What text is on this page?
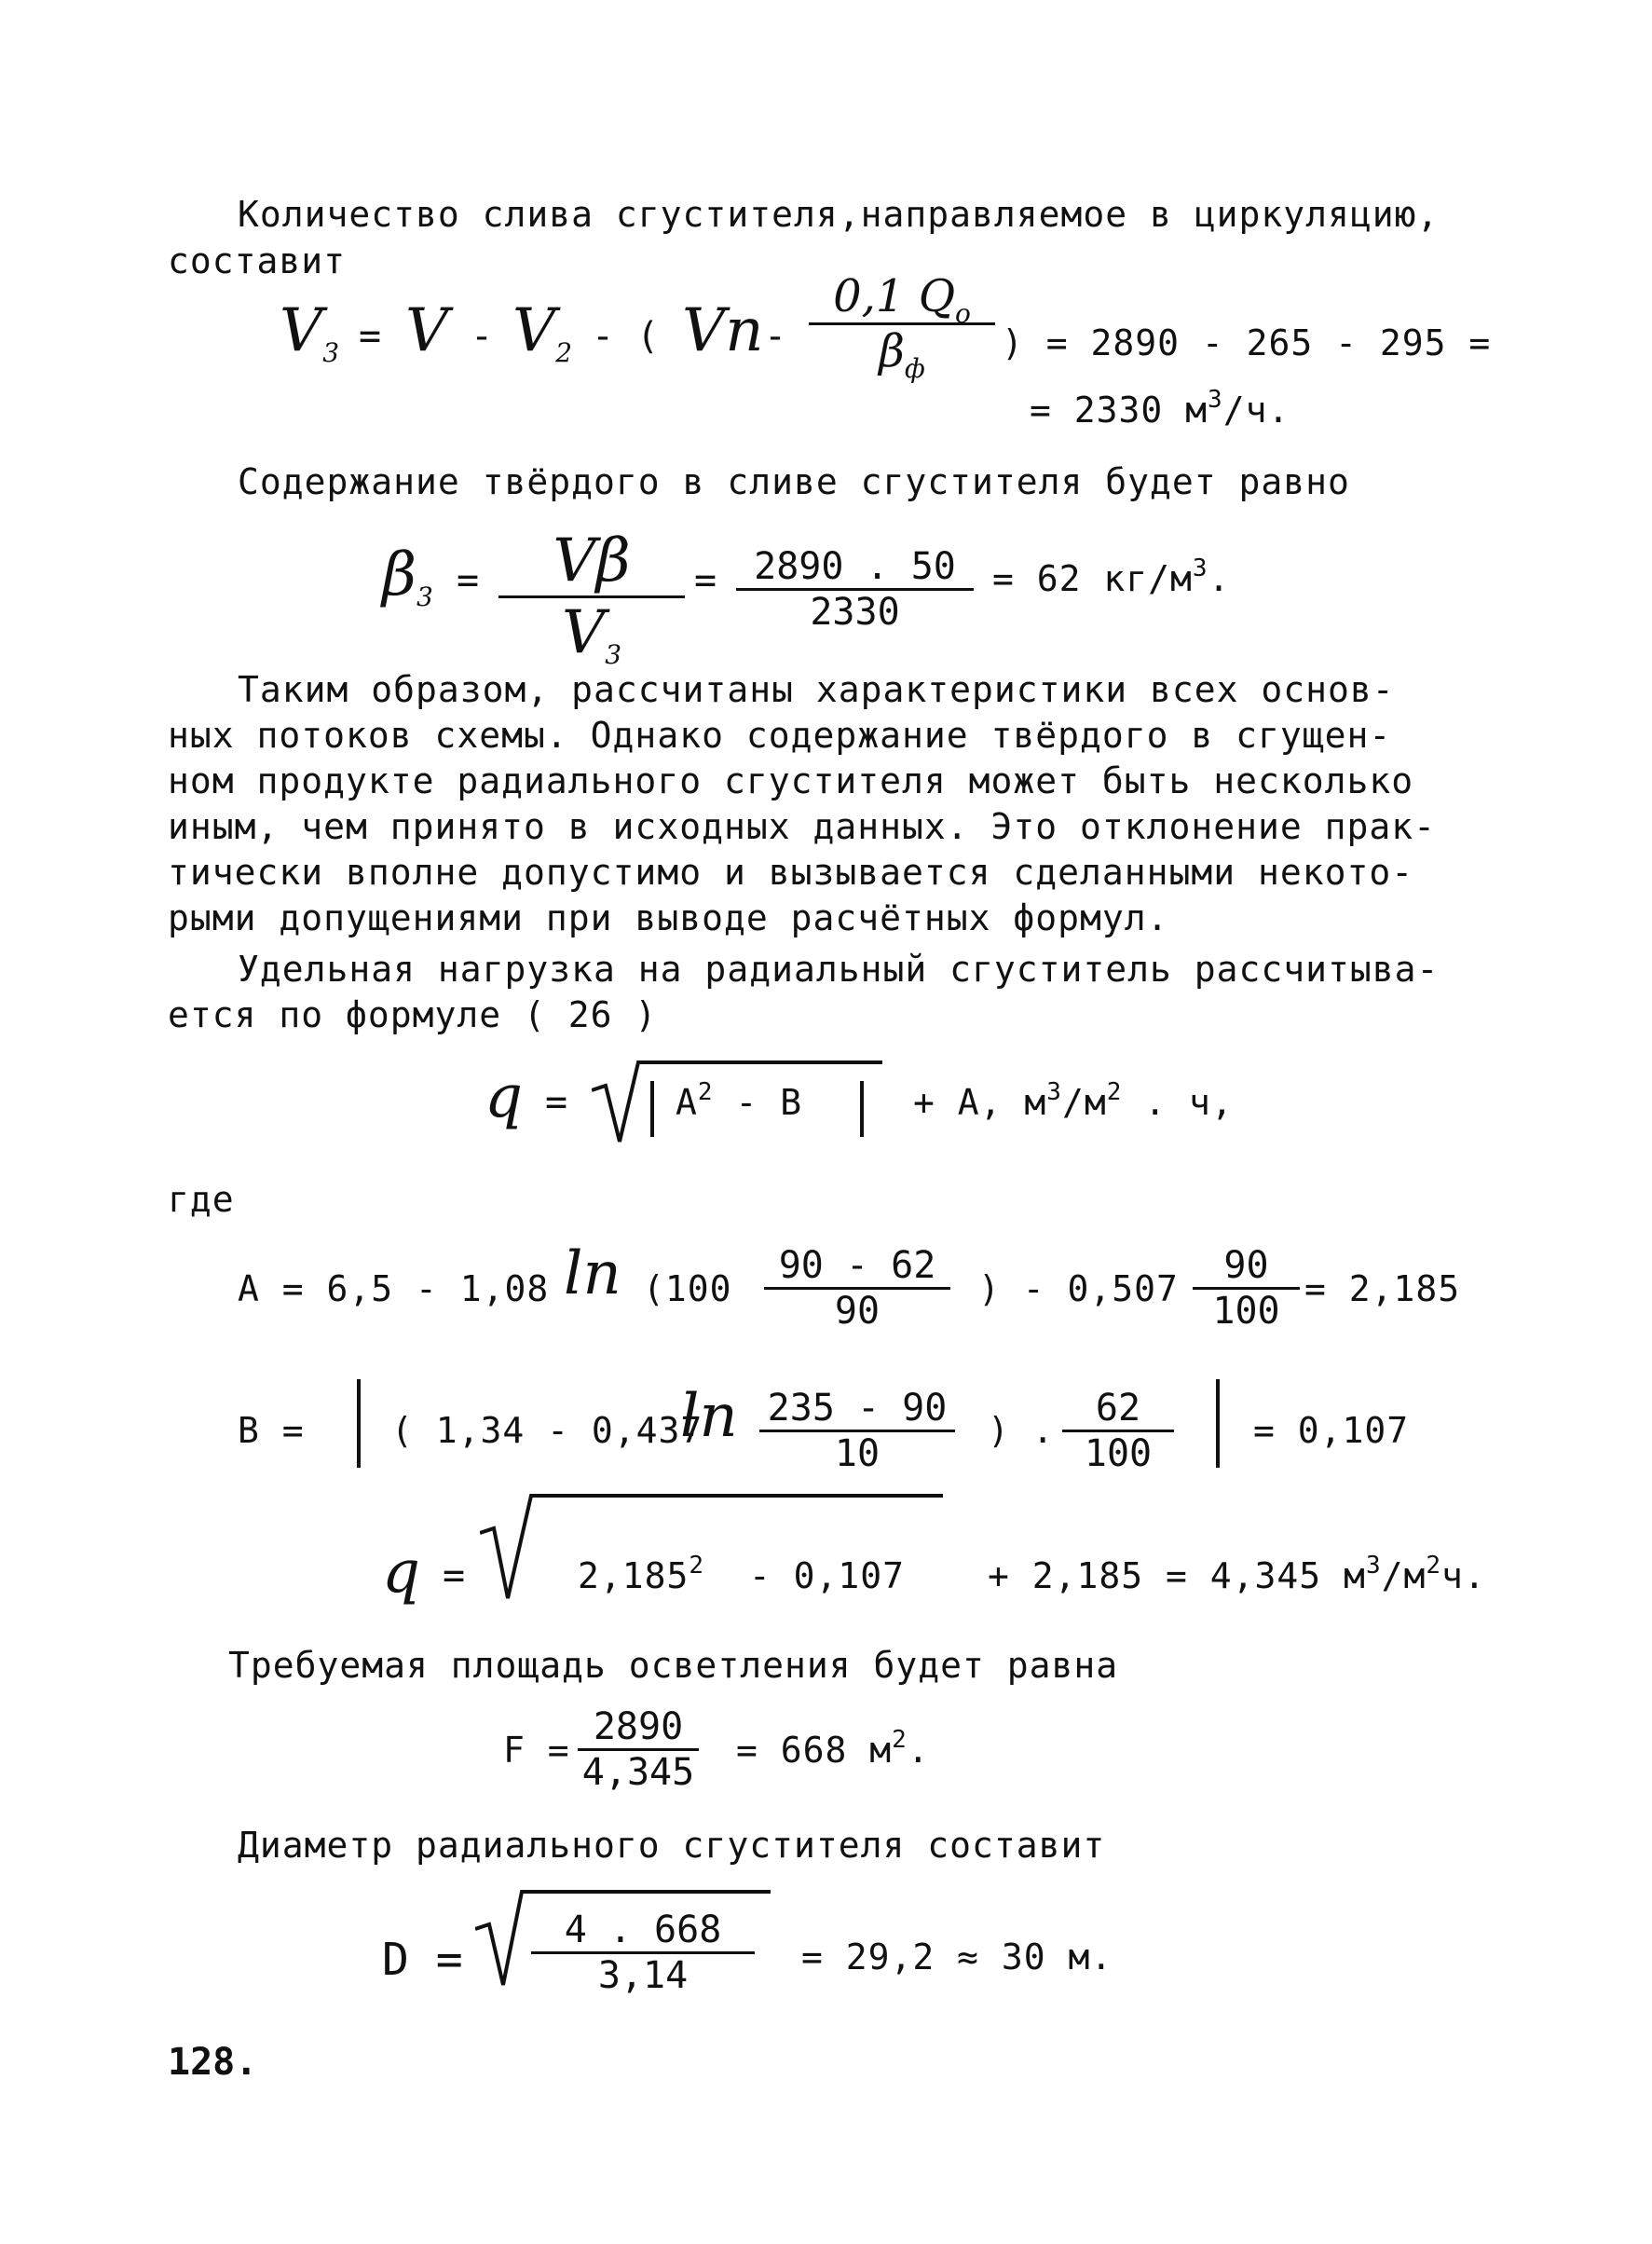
Количество слива сгустителя,направляемое в циркуляцию,
составит
$V_3 = V - V_2$ - ( Vn -
0,1 $Q_o$
$\beta_ф$
) = 2890 - 265 - 295 =
= 2330 $м^3/ч$.
Содержание твёрдого в сливе сгустителя будет равно
$\beta_3 = \frac{V\beta}{V_3} = \frac{2890 . 50}{2330} = 62$ $кг/м^3$.
Таким образом, рассчитаны характеристики всех основ-
ных потоков схемы. Однако содержание твёрдого в сгущен-
ном продукте радиального сгустителя может быть несколько
иным, чем принято в исходных данных. Это отклонение прак-
тически вполне допустимо и вызывается сделанными некото-
рыми допущениями при выводе расчётных формул.
Удельная нагрузка на радиальный сгуститель рассчитыва-
ется по формуле ( 26 )
q =	$A^2$ - B	+ A, $м^3/м^2$ . ч,
где
A = 6,5 - 1,08 $\ln (100 \frac{90 - 62}{90}$ ) - $0,507 \frac{90}{100} = 2,185$
B = ( 1,34 - 0,437
$\ln \frac{235 - 90}{10}$ ) . $\frac{62}{100} = 0,107$
q =	$2,185^2 - 0,107 + 2,185 = 4,345$ $м^3/м^2ч$.
Требуемая площадь осветления будет равна
$F = \frac{2890}{4,345} = 668$ $м^2$.
Диаметр радиального сгустителя составит
$D = \frac{4 . 668}{3,14} = 29,2 \approx 30$ м.
128.
